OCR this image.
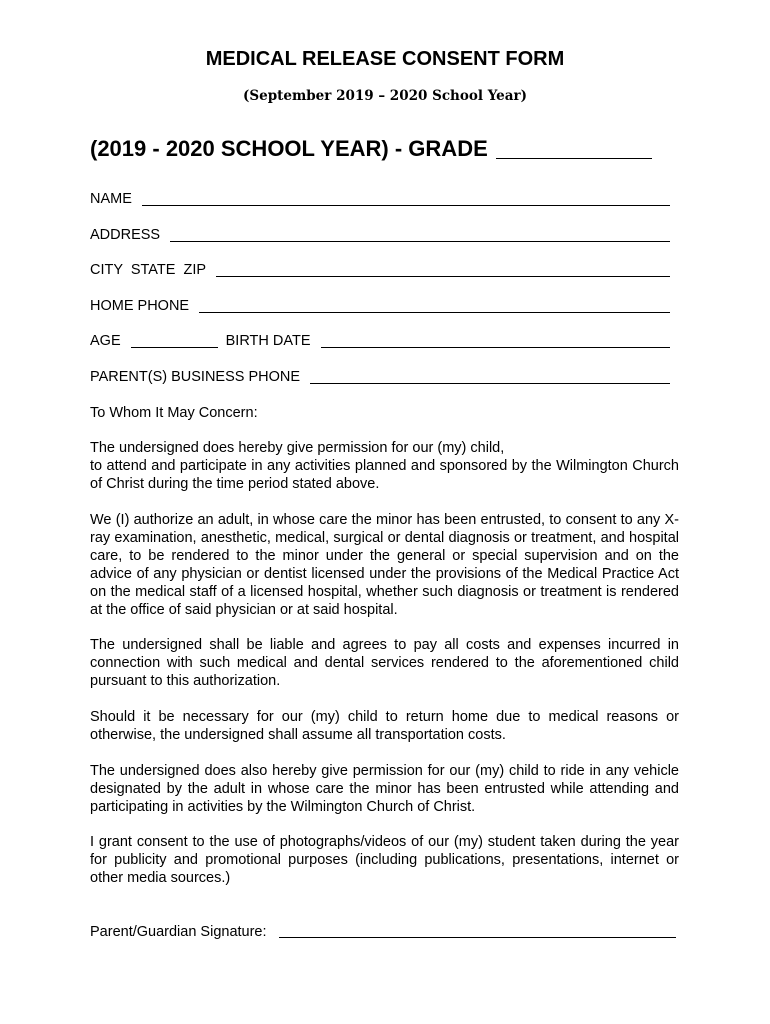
MEDICAL RELEASE CONSENT FORM
(September 2019 – 2020 School Year)
(2019 - 2020 SCHOOL YEAR) - GRADE
NAME
ADDRESS
CITY  STATE  ZIP
HOME PHONE
AGE	BIRTH DATE
PARENT(S) BUSINESS PHONE

To Whom It May Concern:

The undersigned does hereby give permission for our (my) child,

to attend and participate in any activities planned and sponsored by the Wilmington Church of Christ during the time period stated above.

We (I) authorize an adult, in whose care the minor has been entrusted, to consent to any X-ray examination, anesthetic, medical, surgical or dental diagnosis or treatment, and hospital care, to be rendered to the minor under the general or special supervision and on the advice of any physician or dentist licensed under the provisions of the Medical Practice Act on the medical staff of a licensed hospital, whether such diagnosis or treatment is rendered at the office of said physician or at said hospital.

The undersigned shall be liable and agrees to pay all costs and expenses incurred in connection with such medical and dental services rendered to the aforementioned child pursuant to this authorization.

Should it be necessary for our (my) child to return home due to medical reasons or otherwise, the undersigned shall assume all transportation costs.

The undersigned does also hereby give permission for our (my) child to ride in any vehicle designated by the adult in whose care the minor has been entrusted while attending and participating in activities by the Wilmington Church of Christ.

I grant consent to the use of photographs/videos of our (my) student taken during the year for publicity and promotional purposes (including publications, presentations, internet or other media sources.)

Parent/Guardian Signature:
